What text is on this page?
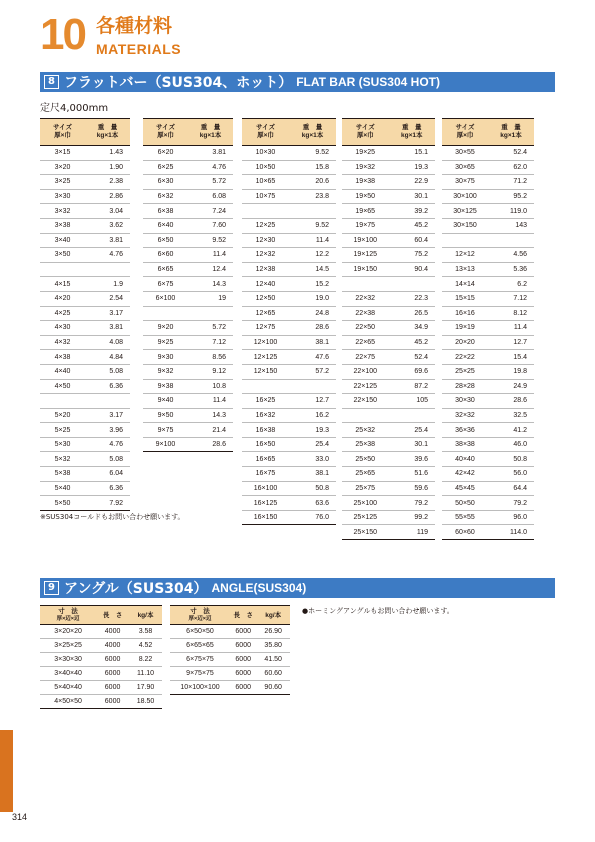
10 各種材料
MATERIALS
8 フラットバー（SUS304、ホット） FLAT BAR (SUS304 HOT)
定尺4,000mm
サイズ
厚×巾	重　量
kg×1本
3×15	1.43
3×20	1.90
3×25	2.38
3×30	2.86
3×32	3.04
3×38	3.62
3×40	3.81
3×50	4.76

4×15	1.9
4×20	2.54
4×25	3.17
4×30	3.81
4×32	4.08
4×38	4.84
4×40	5.08
4×50	6.36

5×20	3.17
5×25	3.96
5×30	4.76
5×32	5.08
5×38	6.04
5×40	6.36
5×50	7.92
サイズ
厚×巾	重　量
kg×1本
6×20	3.81
6×25	4.76
6×30	5.72
6×32	6.08
6×38	7.24
6×40	7.60
6×50	9.52
6×60	11.4
6×65	12.4
6×75	14.3
6×100	19

9×20	5.72
9×25	7.12
9×30	8.56
9×32	9.12
9×38	10.8
9×40	11.4
9×50	14.3
9×75	21.4
9×100	28.6
サイズ
厚×巾	重　量
kg×1本
10×30	9.52
10×50	15.8
10×65	20.6
10×75	23.8

12×25	9.52
12×30	11.4
12×32	12.2
12×38	14.5
12×40	15.2
12×50	19.0
12×65	24.8
12×75	28.6
12×100	38.1
12×125	47.6
12×150	57.2

16×25	12.7
16×32	16.2
16×38	19.3
16×50	25.4
16×65	33.0
16×75	38.1
16×100	50.8
16×125	63.6
16×150	76.0
サイズ
厚×巾	重　量
kg×1本
19×25	15.1
19×32	19.3
19×38	22.9
19×50	30.1
19×65	39.2
19×75	45.2
19×100	60.4
19×125	75.2
19×150	90.4

22×32	22.3
22×38	26.5
22×50	34.9
22×65	45.2
22×75	52.4
22×100	69.6
22×125	87.2
22×150	105

25×32	25.4
25×38	30.1
25×50	39.6
25×65	51.6
25×75	59.6
25×100	79.2
25×125	99.2
25×150	119
サイズ
厚×巾	重　量
kg×1本
30×55	52.4
30×65	62.0
30×75	71.2
30×100	95.2
30×125	119.0
30×150	143

12×12	4.56
13×13	5.36
14×14	6.2
15×15	7.12
16×16	8.12
19×19	11.4
20×20	12.7
22×22	15.4
25×25	19.8
28×28	24.9
30×30	28.6
32×32	32.5
36×36	41.2
38×38	46.0
40×40	50.8
42×42	56.0
45×45	64.4
50×50	79.2
55×55	96.0
60×60	114.0
※SUS304コールドもお問い合わせ願います。
9 アングル（SUS304） ANGLE(SUS304)
寸　法
厚×辺×辺	長　さ	kg/本
3×20×20	4000	3.58
3×25×25	4000	4.52
3×30×30	6000	8.22
3×40×40	6000	11.10
5×40×40	6000	17.90
4×50×50	6000	18.50
寸　法
厚×辺×辺	長　さ	kg/本
6×50×50	6000	26.90
6×65×65	6000	35.80
6×75×75	6000	41.50
9×75×75	6000	60.60
10×100×100	6000	90.60
●ホーミングアングルもお問い合わせ願います。
314
